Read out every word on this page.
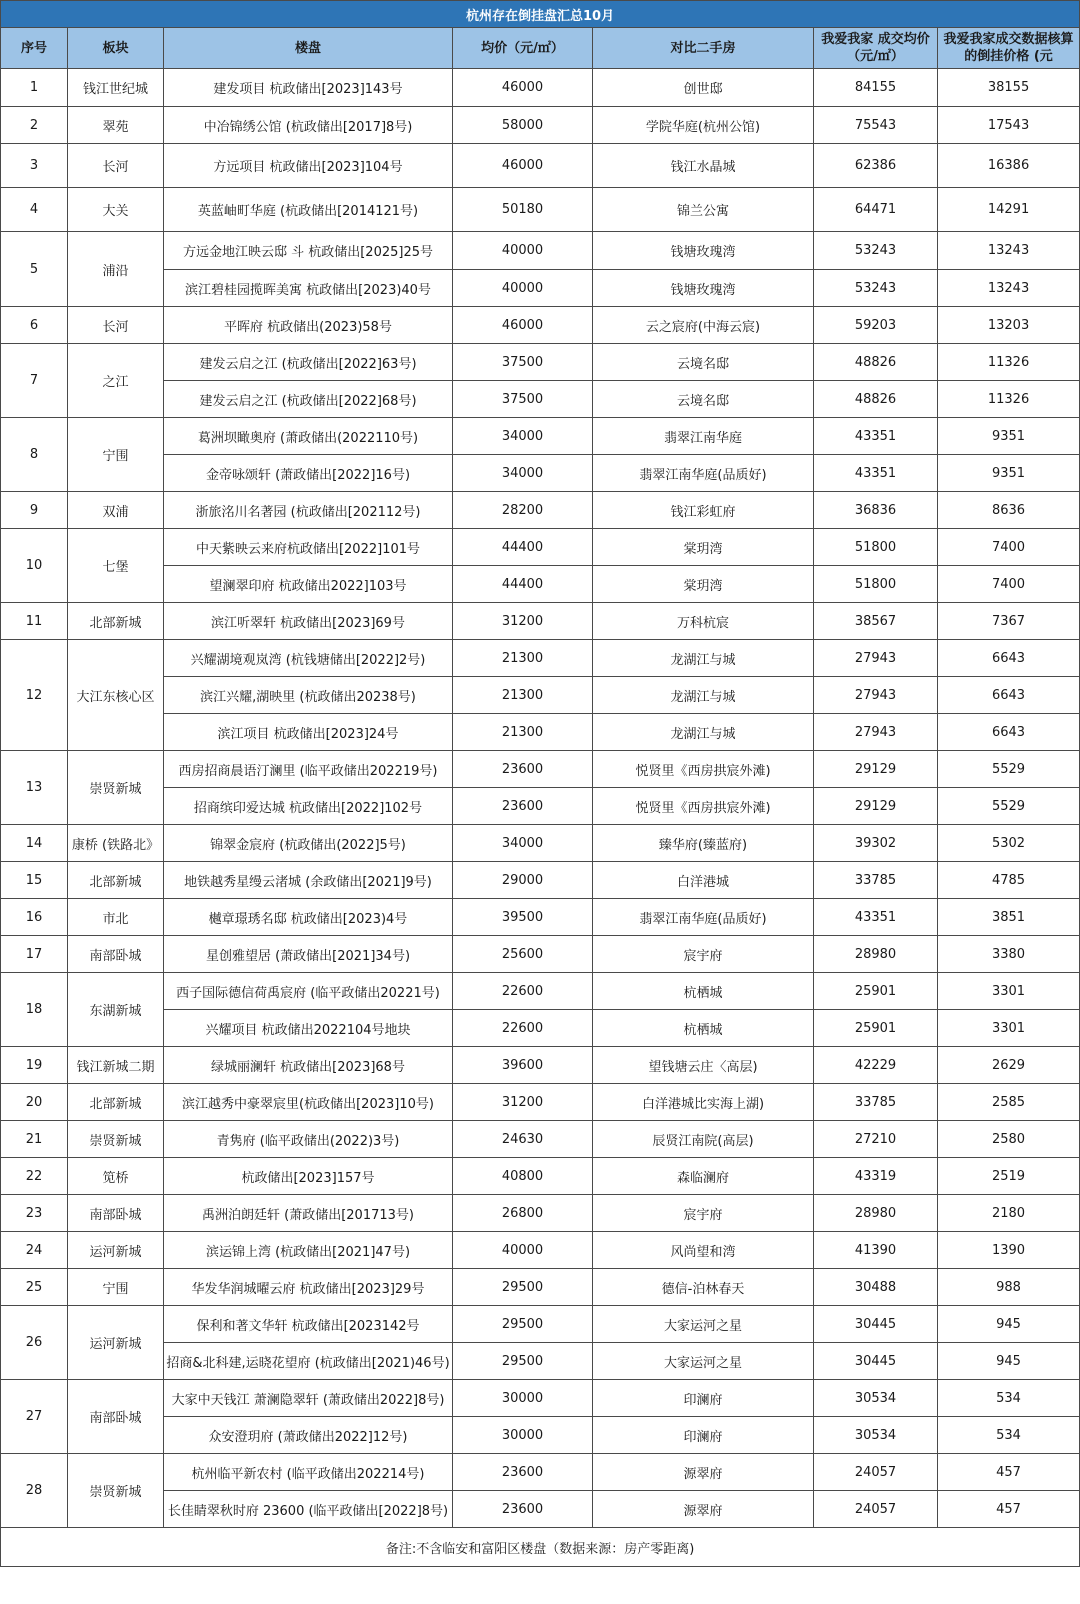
杭州存在倒挂盘汇总10月						
序号	板块	楼盘	均价（元/㎡）	对比二手房	我爱我家 成交均价（元/㎡）	我爱我家成交数据核算的倒挂价格 (元
1	钱江世纪城	建发项目 杭政储出[2023]143号	46000	创世邸	84155	38155
2	翠苑	中冶锦绣公馆 (杭政储出[2017]8号)	58000	学院华庭(杭州公馆)	75543	17543
3	长河	方远项目 杭政储出[2023]104号	46000	钱江水晶城	62386	16386
4	大关	英蓝岫町华庭 (杭政储出[2014121号)	50180	锦兰公寓	64471	14291
5	浦沿	方远金地江映云邸 斗 杭政储出[2025]25号	40000	钱塘玫瑰湾	53243	13243
		滨江碧桂园揽晖美寓 杭政储出[2023)40号	40000	钱塘玫瑰湾	53243	13243
6	长河	平晖府 杭政储出(2023)58号	46000	云之宸府(中海云宸)	59203	13203
7	之江	建发云启之江 (杭政储出[2022]63号)	37500	云境名邸	48826	11326
		建发云启之江 (杭政储出[2022]68号)	37500	云境名邸	48826	11326
8	宁围	葛洲坝瞰奥府 (萧政储出(2022110号)	34000	翡翠江南华庭	43351	9351
		金帝咏颂轩 (萧政储出[2022]16号)	34000	翡翠江南华庭(品质好)	43351	9351
9	双浦	浙旅洺川名著园 (杭政储出[202112号)	28200	钱江彩虹府	36836	8636
10	七堡	中天紫映云来府杭政储出[2022]101号	44400	棠玥湾	51800	7400
		望澜翠印府 杭政储出2022]103号	44400	棠玥湾	51800	7400
11	北部新城	滨江听翠轩 杭政储出[2023]69号	31200	万科杭宸	38567	7367
12	大江东核心区	兴耀湖境观岚湾 (杭钱塘储出[2022]2号)	21300	龙湖江与城	27943	6643
		滨江兴耀,湖映里 (杭政储出20238号)	21300	龙湖江与城	27943	6643
		滨江项目 杭政储出[2023]24号	21300	龙湖江与城	27943	6643
13	崇贤新城	西房招商晨语汀澜里 (临平政储出202219号)	23600	悦贤里《西房拱宸外滩)	29129	5529
		招商缤印爱达城 杭政储出[2022]102号	23600	悦贤里《西房拱宸外滩)	29129	5529
14	康桥 (铁路北》	锦翠金宸府 (杭政储出(2022]5号)	34000	臻华府(臻蓝府)	39302	5302
15	北部新城	地铁越秀星缦云渚城 (余政储出[2021]9号)	29000	白洋港城	33785	4785
16	市北	樾章璟琇名邸 杭政储出[2023)4号	39500	翡翠江南华庭(品质好)	43351	3851
17	南部卧城	星创雅望居 (萧政储出[2021]34号)	25600	宸宇府	28980	3380
18	东湖新城	西子国际德信荷禹宸府 (临平政储出20221号)	22600	杭栖城	25901	3301
		兴耀项目 杭政储出2022104号地块	22600	杭栖城	25901	3301
19	钱江新城二期	绿城丽澜轩 杭政储出[2023]68号	39600	望钱塘云庄〈高层)	42229	2629
20	北部新城	滨江越秀中豪翠宸里(杭政储出[2023]10号)	31200	白洋港城比实海上湖)	33785	2585
21	崇贤新城	青隽府 (临平政储出(2022)3号)	24630	辰贤江南院(高层)	27210	2580
22	笕桥	杭政储出[2023]157号	40800	森临澜府	43319	2519
23	南部卧城	禹洲泊朗廷轩 (萧政储出[201713号)	26800	宸宇府	28980	2180
24	运河新城	滨运锦上湾 (杭政储出[2021]47号)	40000	风尚望和湾	41390	1390
25	宁围	华发华润城曜云府 杭政储出[2023]29号	29500	德信-泊林春天	30488	988
26	运河新城	保利和著文华轩 杭政储出[2023142号	29500	大家运河之星	30445	945
		招商&北科建,运晓花望府 (杭政储出[2021)46号)	29500	大家运河之星	30445	945
27	南部卧城	大家中天钱江 萧澜隐翠轩 (萧政储出2022]8号)	30000	印澜府	30534	534
		众安澄玥府 (萧政储出2022]12号)	30000	印澜府	30534	534
28	崇贤新城	杭州临平新农村 (临平政储出202214号)	23600	源翠府	24057	457
		长佳睛翠秋时府 23600 (临平政储出[2022]8号)	23600	源翠府	24057	457
备注:不含临安和富阳区楼盘（数据来源：房产零距离)						
